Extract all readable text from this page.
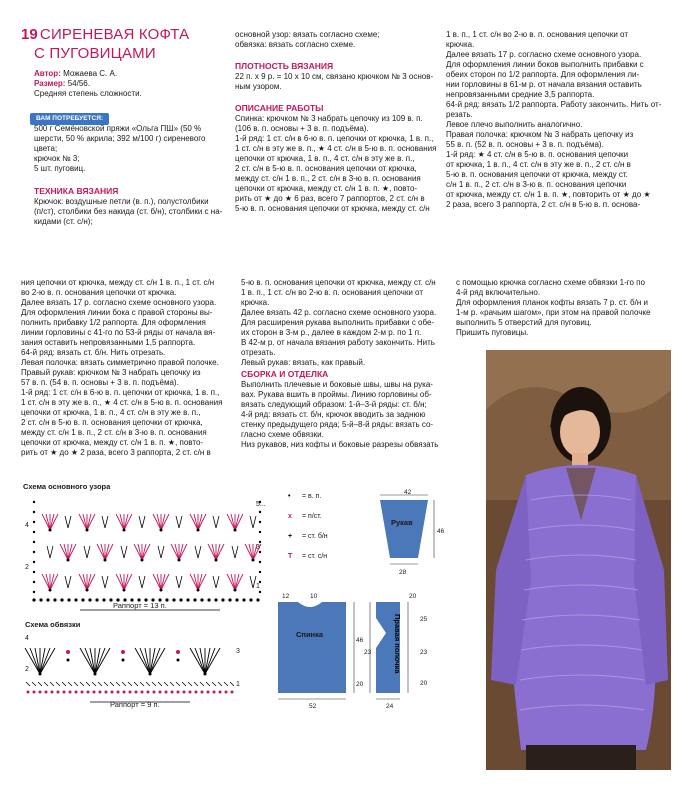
19 СИРЕНЕВАЯ КОФТА
С ПУГОВИЦАМИ
Автор: Можаева С. А.
Размер: 54/56.
Средняя степень сложности.
ВАМ ПОТРЕБУЕТСЯ:
500 г Семёновской пряжи «Ольга ПШ» (50 % шерсти, 50 % акрила; 392 м/100 г) сиреневого цвета;
крючок № 3;
5 шт. пуговиц.
ТЕХНИКА ВЯЗАНИЯ
Крючок: воздушные петли (в. п.), полустолбики
(п/ст), столбики без накида (ст. б/н), столбики с на-
кидами (ст. с/н);
основной узор: вязать согласно схеме;
обвязка: вязать согласно схеме.
ПЛОТНОСТЬ ВЯЗАНИЯ
22 п. х 9 р. = 10 х 10 см, связано крючком № 3 основ-
ным узором.
ОПИСАНИЕ РАБОТЫ
Спинка: крючком № 3 набрать цепочку из 109 в. п.
(106 в. п. основы + 3 в. п. подъёма).
1-й ряд: 1 ст. с/н в 6-ю в. п. цепочки от крючка, 1 в. п.,
1 ст. с/н в эту же в. п., ★ 4 ст. с/н в 5-ю в. п. основания
цепочки от крючка, 1 в. п., 4 ст. с/н в эту же в. п.,
2 ст. с/н в 5-ю в. п. основания цепочки от крючка,
между ст. с/н 1 в. п., 2 ст. с/н в 3-ю в. п. основания
цепочки от крючка, между ст. с/н 1 в. п. ★, повто-
рить от ★ до ★ 6 раз, всего 7 раппортов, 2 ст. с/н в
5-ю в. п. основания цепочки от крючка, между ст. с/н
1 в. п., 1 ст. с/н во 2-ю в. п. основания цепочки от
крючка.
Далее вязать 17 р. согласно схеме основного узора.
Для оформления линии боков выполнить прибавки с
обеих сторон по 1/2 раппорта. Для оформления ли-
нии горловины в 61-м р. от начала вязания оставить
непровязанными средние 3,5 раппорта.
64-й ряд: вязать 1/2 раппорта. Работу закончить. Нить от-
резать.
Левое плечо выполнить аналогично.
Правая полочка: крючком № 3 набрать цепочку из
55 в. п. (52 в. п. основы + 3 в. п. подъёма).
1-й ряд: ★ 4 ст. с/н в 5-ю в. п. основания цепочки
от крючка, 1 в. п., 4 ст. с/н в эту же в. п., 2 ст. с/н в
5-ю в. п. основания цепочки от крючка, между ст.
с/н 1 в. п., 2 ст. с/н в 3-ю в. п. основания цепочки
от крючка, между ст. с/н 1 в. п. ★, повторить от ★ до ★
2 раза, всего 3 раппорта, 2 ст. с/н в 5-ю в. п. основа-
ния цепочки от крючка, между ст. с/н 1 в. п., 1 ст. с/н
во 2-ю в. п. основания цепочки от крючка.
Далее вязать 17 р. согласно схеме основного узора.
Для оформления линии бока с правой стороны вы-
полнить прибавку 1/2 раппорта. Для оформления
линии горловины с 41-го по 53-й ряды от начала вя-
зания оставить непровязанными 1,5 раппорта.
64-й ряд: вязать ст. б/н. Нить отрезать.
Левая полочка: вязать симметрично правой полочке.
Правый рукав: крючком № 3 набрать цепочку из
57 в. п. (54 в. п. основы + 3 в. п. подъёма).
1-й ряд: 1 ст. с/н в 6-ю в. п. цепочки от крючка, 1 в. п.,
1 ст. с/н в эту же в. п., ★ 4 ст. с/н в 5-ю в. п. основания
цепочки от крючка, 1 в. п., 4 ст. с/н в эту же в. п.,
2 ст. с/н в 5-ю в. п. основания цепочки от крючка,
между ст. с/н 1 в. п., 2 ст. с/н в 3-ю в. п. основания
цепочки от крючка, между ст. с/н 1 в. п. ★, повто-
рить от ★ до ★ 2 раза, всего 3 раппорта, 2 ст. с/н в
5-ю в. п. основания цепочки от крючка, между ст. с/н
1 в. п., 1 ст. с/н во 2-ю в. п. основания цепочки от
крючка.
Далее вязать 42 р. согласно схеме основного узора.
Для расширения рукава выполнить прибавки с обе-
их сторон в 3-м р., далее в каждом 2-м р. по 1 п.
В 42-м р. от начала вязания работу закончить. Нить
отрезать.
Левый рукав: вязать, как правый.
СБОРКА И ОТДЕЛКА
Выполнить плечевые и боковые швы, швы на рука-
вах. Рукава вшить в проймы. Линию горловины об-
вязать следующий образом: 1-й–3-й ряды: ст. б/н;
4-й ряд: вязать ст. б/н, крючок вводить за заднюю
стенку предыдущего ряда; 5-й–8-й ряды: вязать со-
гласно схеме обвязки.
Низ рукавов, низ кофты и боковые разрезы обвязать
с помощью крючка согласно схеме обвязки 1-го по
4-й ряд включительно.
Для оформления планок кофты вязать 7 р. ст. б/н и
1-м р. «рачьим шагом», при этом на правой полочке
выполнить 5 отверстий для пуговиц.
Пришить пуговицы.
Схема основного узора
Раппорт = 13 п.
4
2
5...
3
1
Схема обвязки
Раппорт = 9 п.
4
2
3
1
• = в. п.
x = п/ст.
+ = ст. б/н
T = ст. с/н
Рукав
42
46
28
Спинка
12	10
46
20
52
Правая полочка
20
25
23
20
23
24
